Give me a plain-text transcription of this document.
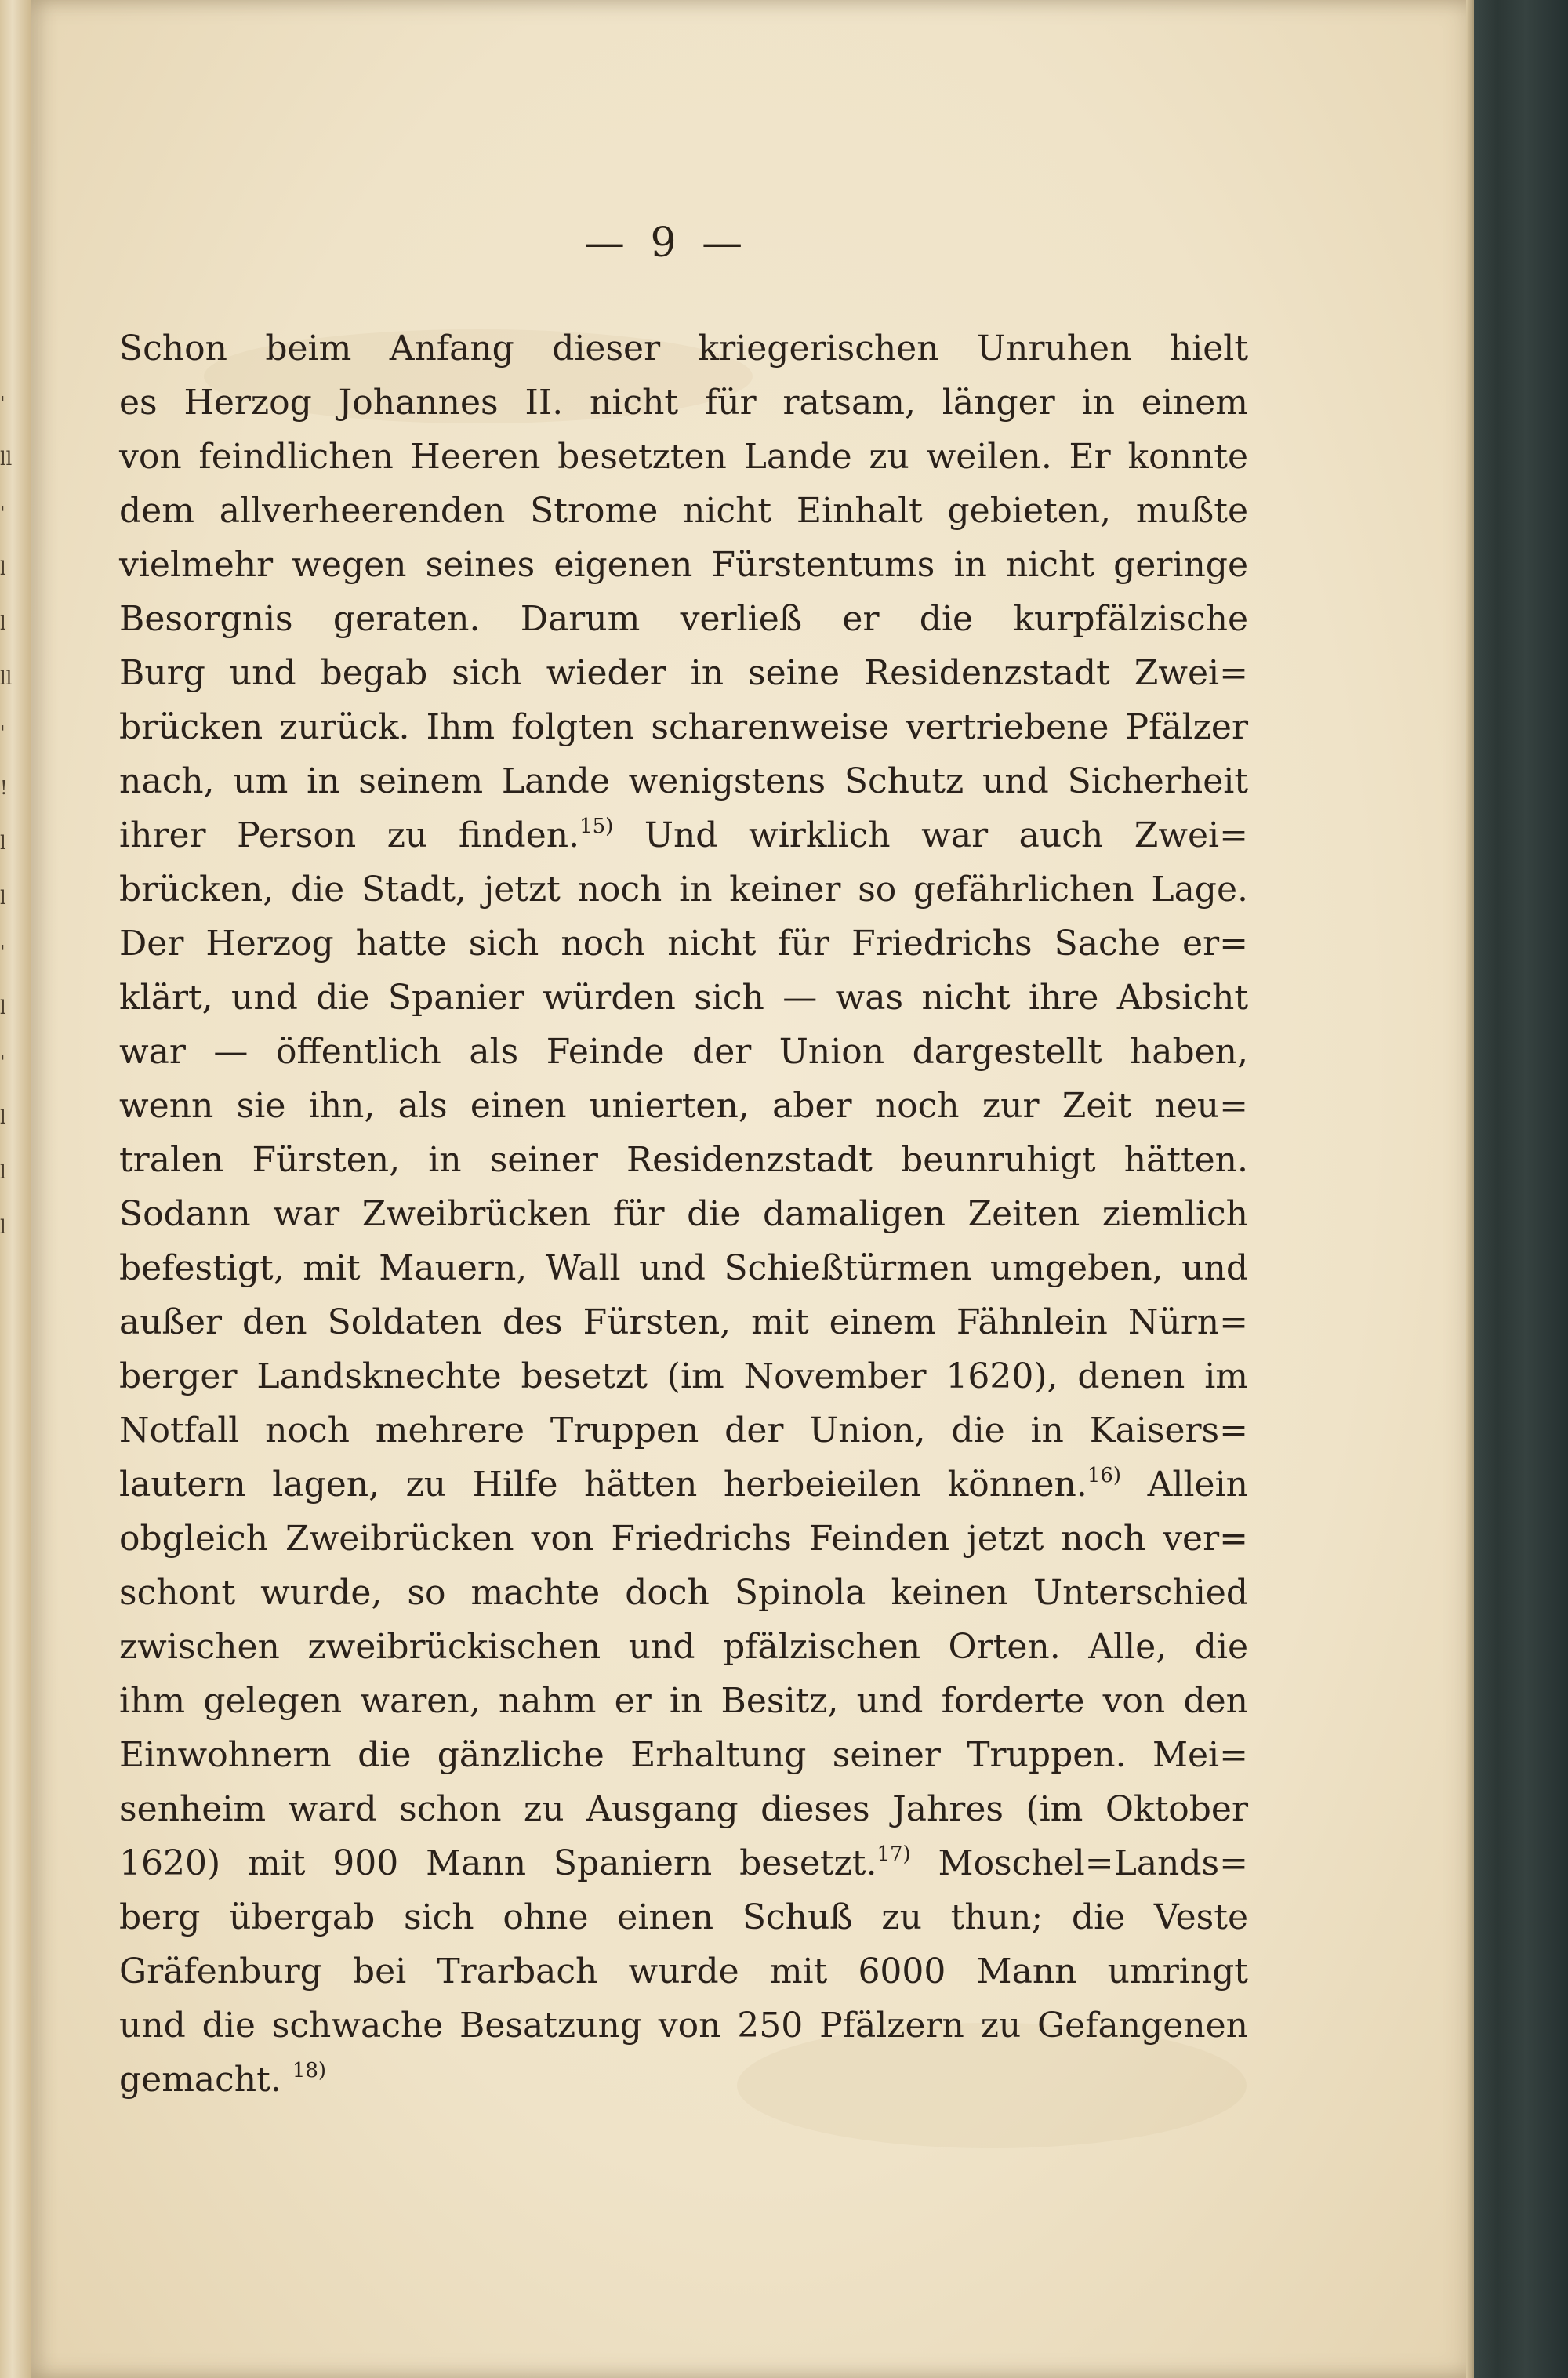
'
ll
'
l
l
ll
'
!
l
l
'
l
'
l
l
l
— 9 —
Schon beim Anfang dieser kriegerischen Unruhen hielt
es Herzog Johannes II. nicht für ratsam, länger in einem
von feindlichen Heeren besetzten Lande zu weilen. Er konnte
dem allverheerenden Strome nicht Einhalt gebieten, mußte
vielmehr wegen seines eigenen Fürstentums in nicht geringe
Besorgnis geraten. Darum verließ er die kurpfälzische
Burg und begab sich wieder in seine Residenzstadt Zwei=
brücken zurück. Ihm folgten scharenweise vertriebene Pfälzer
nach, um in seinem Lande wenigstens Schutz und Sicherheit
ihrer Person zu finden.$^{15)}$ Und wirklich war auch Zwei=
brücken, die Stadt, jetzt noch in keiner so gefährlichen Lage.
Der Herzog hatte sich noch nicht für Friedrichs Sache er=
klärt, und die Spanier würden sich — was nicht ihre Absicht
war — öffentlich als Feinde der Union dargestellt haben,
wenn sie ihn, als einen unierten, aber noch zur Zeit neu=
tralen Fürsten, in seiner Residenzstadt beunruhigt hätten.
Sodann war Zweibrücken für die damaligen Zeiten ziemlich
befestigt, mit Mauern, Wall und Schießtürmen umgeben, und
außer den Soldaten des Fürsten, mit einem Fähnlein Nürn=
berger Landsknechte besetzt (im November 1620), denen im
Notfall noch mehrere Truppen der Union, die in Kaisers=
lautern lagen, zu Hilfe hätten herbeieilen können.$^{16)}$ Allein
obgleich Zweibrücken von Friedrichs Feinden jetzt noch ver=
schont wurde, so machte doch Spinola keinen Unterschied
zwischen zweibrückischen und pfälzischen Orten. Alle, die
ihm gelegen waren, nahm er in Besitz, und forderte von den
Einwohnern die gänzliche Erhaltung seiner Truppen. Mei=
senheim ward schon zu Ausgang dieses Jahres (im Oktober
1620) mit 900 Mann Spaniern besetzt.$^{17)}$ Moschel=Lands=
berg übergab sich ohne einen Schuß zu thun; die Veste
Gräfenburg bei Trarbach wurde mit 6000 Mann umringt
und die schwache Besatzung von 250 Pfälzern zu Gefangenen
gemacht. $^{18)}$
